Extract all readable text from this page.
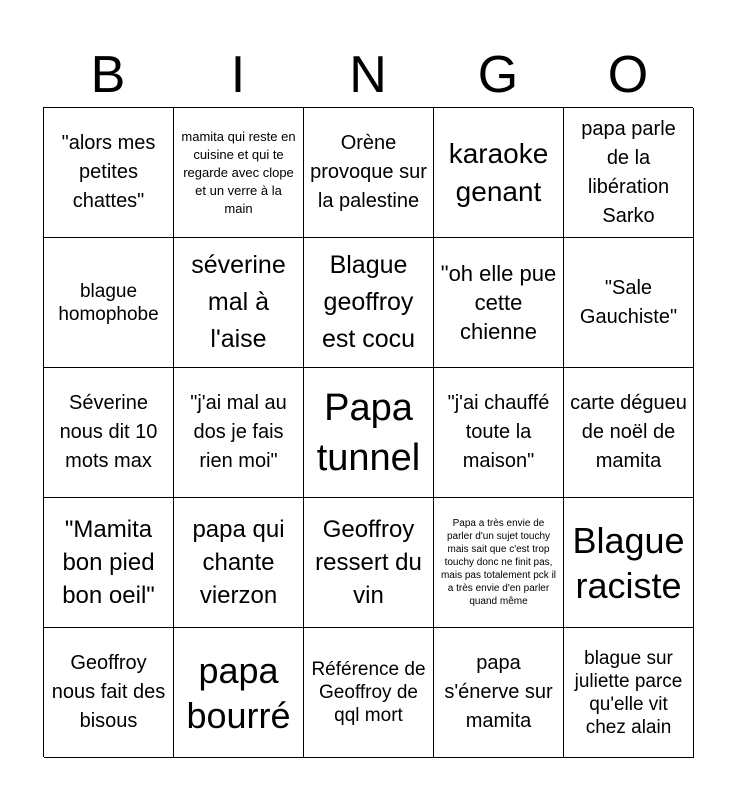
B	I	N	G	O
"alors mes petites chattes"
mamita qui reste en cuisine et qui te regarde avec clope et un verre à la main
Orène provoque sur la palestine
karaoke genant
papa parle de la libération Sarko
blague homophobe
séverine mal à l'aise
Blague geoffroy est cocu
"oh elle pue cette chienne
"Sale Gauchiste"
Séverine nous dit 10 mots max
"j'ai mal au dos je fais rien moi"
Papa tunnel
"j'ai chauffé toute la maison"
carte dégueu de noël de mamita
"Mamita bon pied bon oeil"
papa qui chante vierzon
Geoffroy ressert du vin
Papa a très envie de parler d'un sujet touchy mais sait que c'est trop touchy donc ne finit pas, mais pas totalement pck il a très envie d'en parler quand même
Blague raciste
Geoffroy nous fait des bisous
papa bourré
Référence de Geoffroy de qql mort
papa s'énerve sur mamita
blague sur juliette parce qu'elle vit chez alain
